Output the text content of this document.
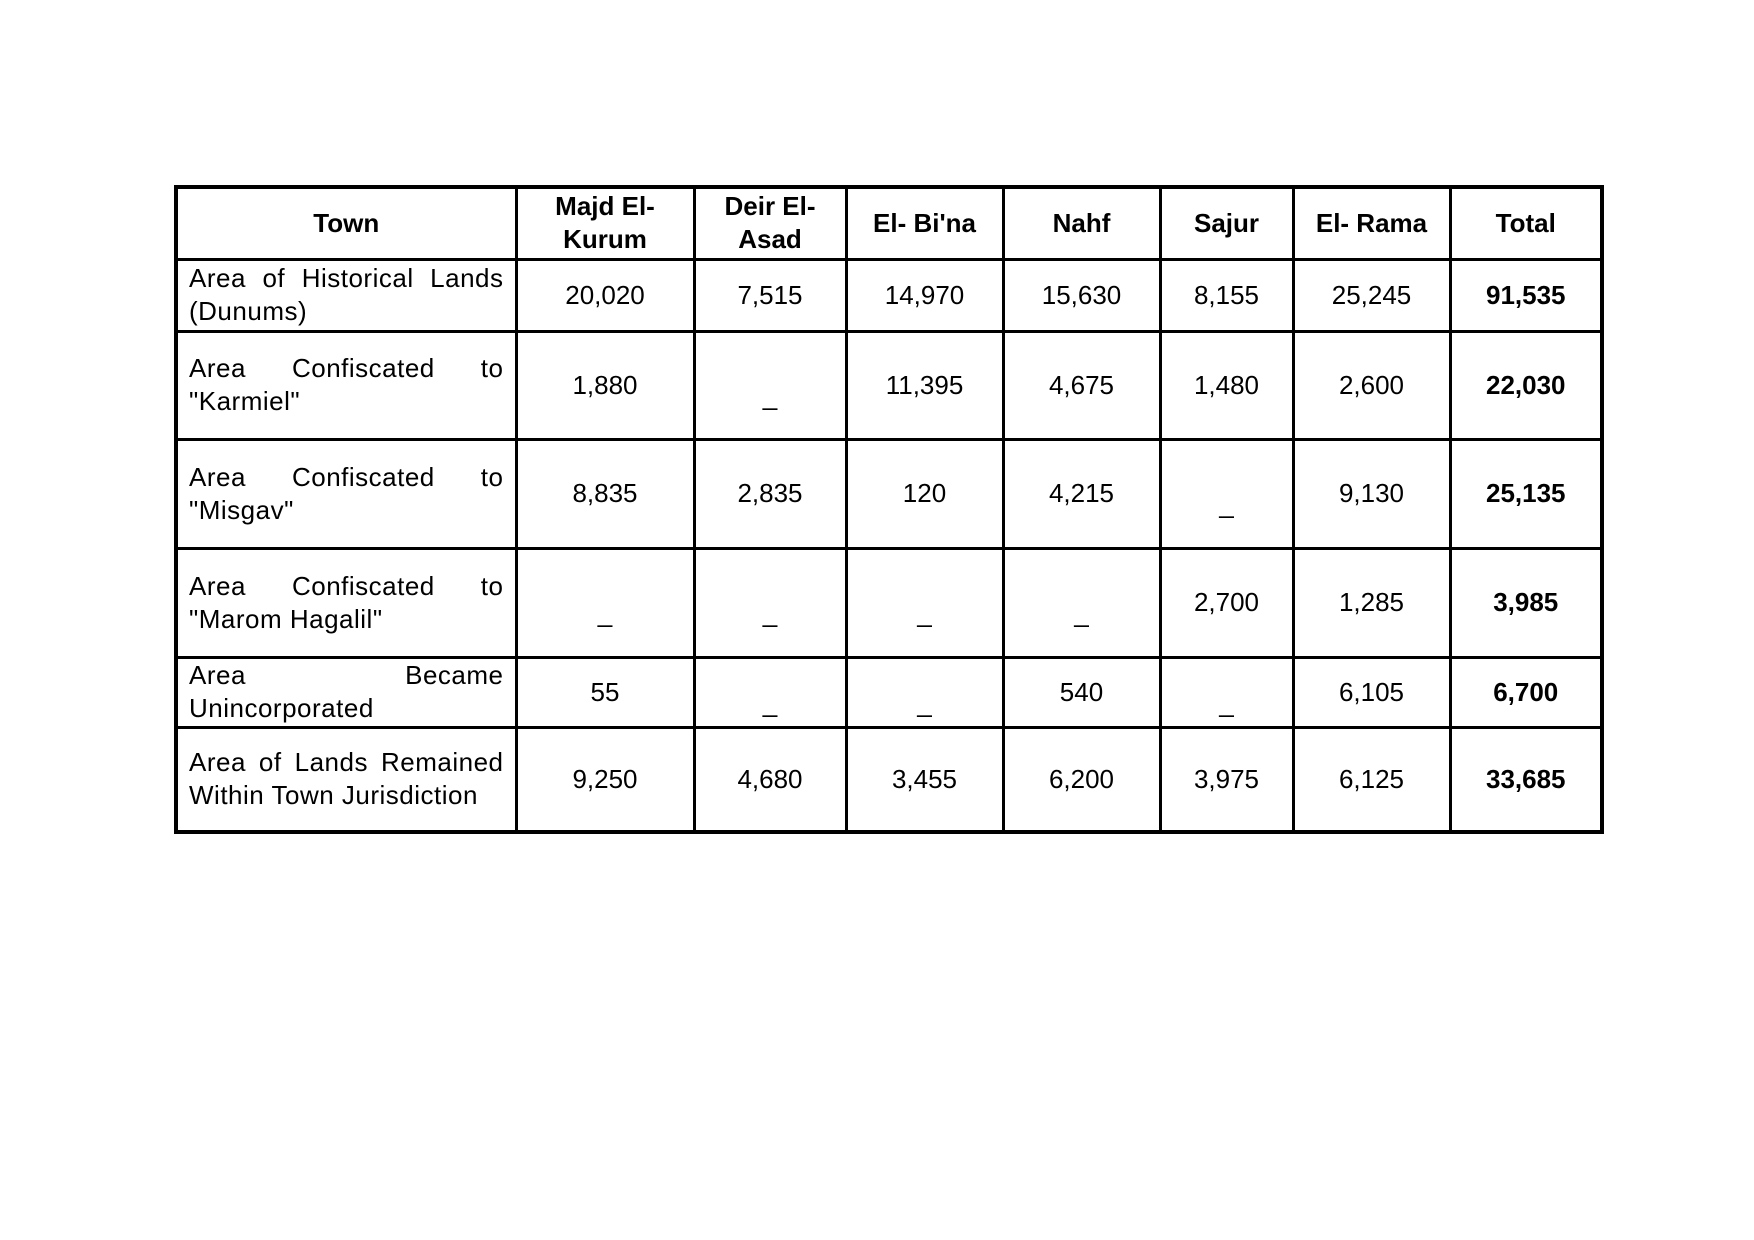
Town	Majd El-Kurum	Deir El-Asad	El- Bi'na	Nahf	Sajur	El- Rama	Total
Area of Historical Lands (Dunums)	20,020	7,515	14,970	15,630	8,155	25,245	91,535
Area Confiscated to "Karmiel"	1,880	_	11,395	4,675	1,480	2,600	22,030
Area Confiscated to "Misgav"	8,835	2,835	120	4,215	_	9,130	25,135
Area Confiscated to "Marom Hagalil"	_	_	_	_	2,700	1,285	3,985
Area Became Unincorporated	55	_	_	540	_	6,105	6,700
Area of Lands Remained Within Town Jurisdiction	9,250	4,680	3,455	6,200	3,975	6,125	33,685
